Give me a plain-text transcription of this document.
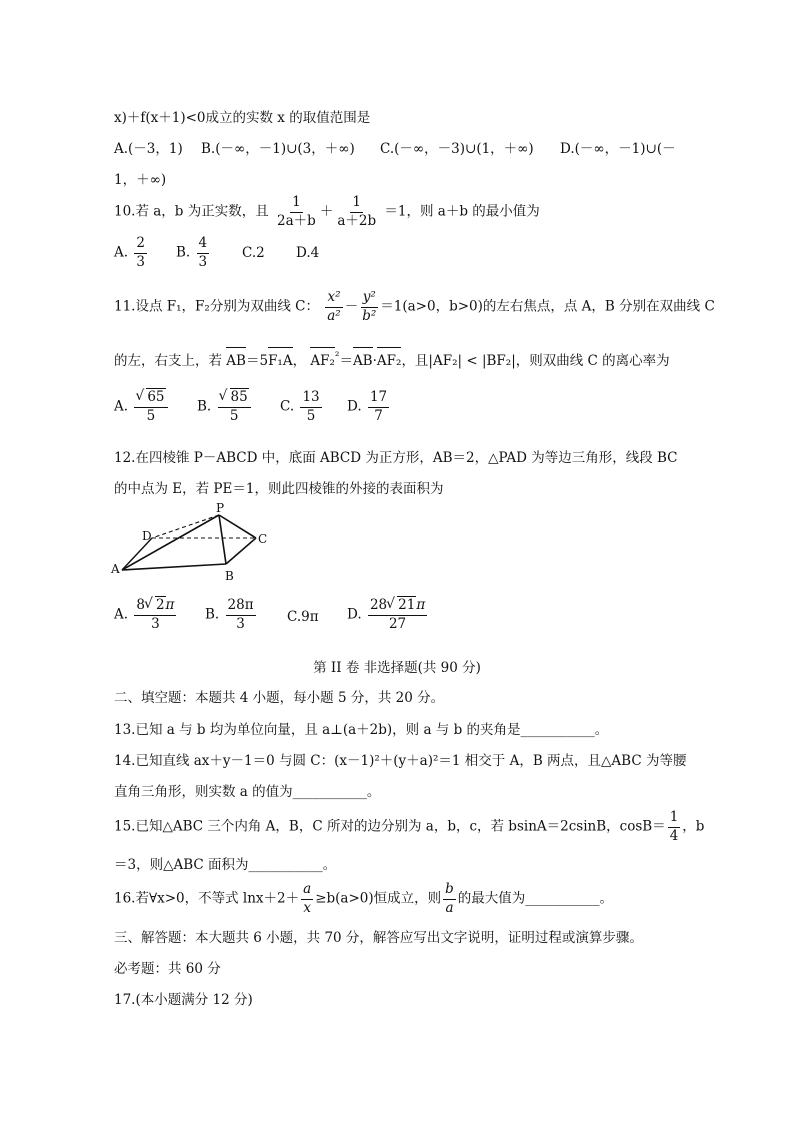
x)＋f(x＋1)<0成立的实数 x 的取值范围是
A.(－3，1) B.(－∞，－1)∪(3，＋∞) C.(－∞，－3)∪(1，＋∞) D.(－∞，－1)∪(－
1，＋∞)
10.若 a，b 为正实数，且 $\frac{1}{2a+b} + \frac{1}{a+2b} =1$，则 a＋b 的最小值为
A. $\frac{2}{3} B$. $\frac{4}{3} C.2$ D.4
11.设点 F₁，F₂分别为双曲线 C： $\frac{\text{x²}}{\text{a²}} - \frac{\text{y²}}{\text{b²}} =1(a>0$，b>0)的左右焦点，点 A，B 分别在双曲线 C
的左，右支上，若 AB＝5F₁A， AF₂$^{^2}$＝AB·AF₂，且|AF₂| < |BF₂|，则双曲线 C 的离心率为
A. √ $\frac{65}{5} B$. √ $\frac{85}{5} C$. $\frac{13}{5} D$. $\frac{17}{7}$
12.在四棱锥 P－ABCD 中，底面 ABCD 为正方形，AB＝2，△PAD 为等边三角形，线段 BC
的中点为 E，若 PE＝1，则此四棱锥的外接的表面积为
P
D	C
A	B
A. $\frac{8 √ 2\pi}{3} B$. $\frac{28\pi}{3} C.9\pi$ D. $\frac{28 √ 21\pi}{27}$
第 II 卷 非选择题(共 90 分)
二、填空题：本题共 4 小题，每小题 5 分，共 20 分。
13.已知 a 与 b 均为单位向量，且 a⊥(a＋2b)，则 a 与 b 的夹角是___________。
14.已知直线 ax＋y－1＝0 与圆 C：(x－1)²＋(y＋a)²＝1 相交于 A，B 两点，且△ABC 为等腰
直角三角形，则实数 a 的值为___________。
15.已知△ABC 三个内角 A，B，C 所对的边分别为 a，b，c，若 bsinA＝2csinB，$\cos B= \frac{1}{4}$ ，b
＝3，则△ABC 面积为___________。
16.若∀x>0，不等式 $\ln x+2+ \frac{a}{x} \ge b(a>0)$恒成立，则 $\frac{b}{a}$ 的最大值为___________。
三、解答题：本大题共 6 小题，共 70 分，解答应写出文字说明，证明过程或演算步骤。
必考题：共 60 分
17.(本小题满分 12 分)
